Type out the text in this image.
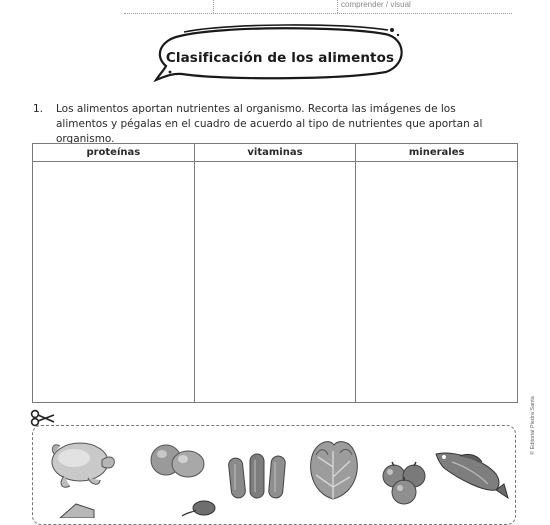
comprender / visual
Clasificación de los alimentos
1. Los alimentos aportan nutrientes al organismo. Recorta las imágenes de los alimentos y pégalas en el cuadro de acuerdo al tipo de nutrientes que aportan al organismo.
proteínas	vitaminas	minerales

© Editorial Piedra Santa
